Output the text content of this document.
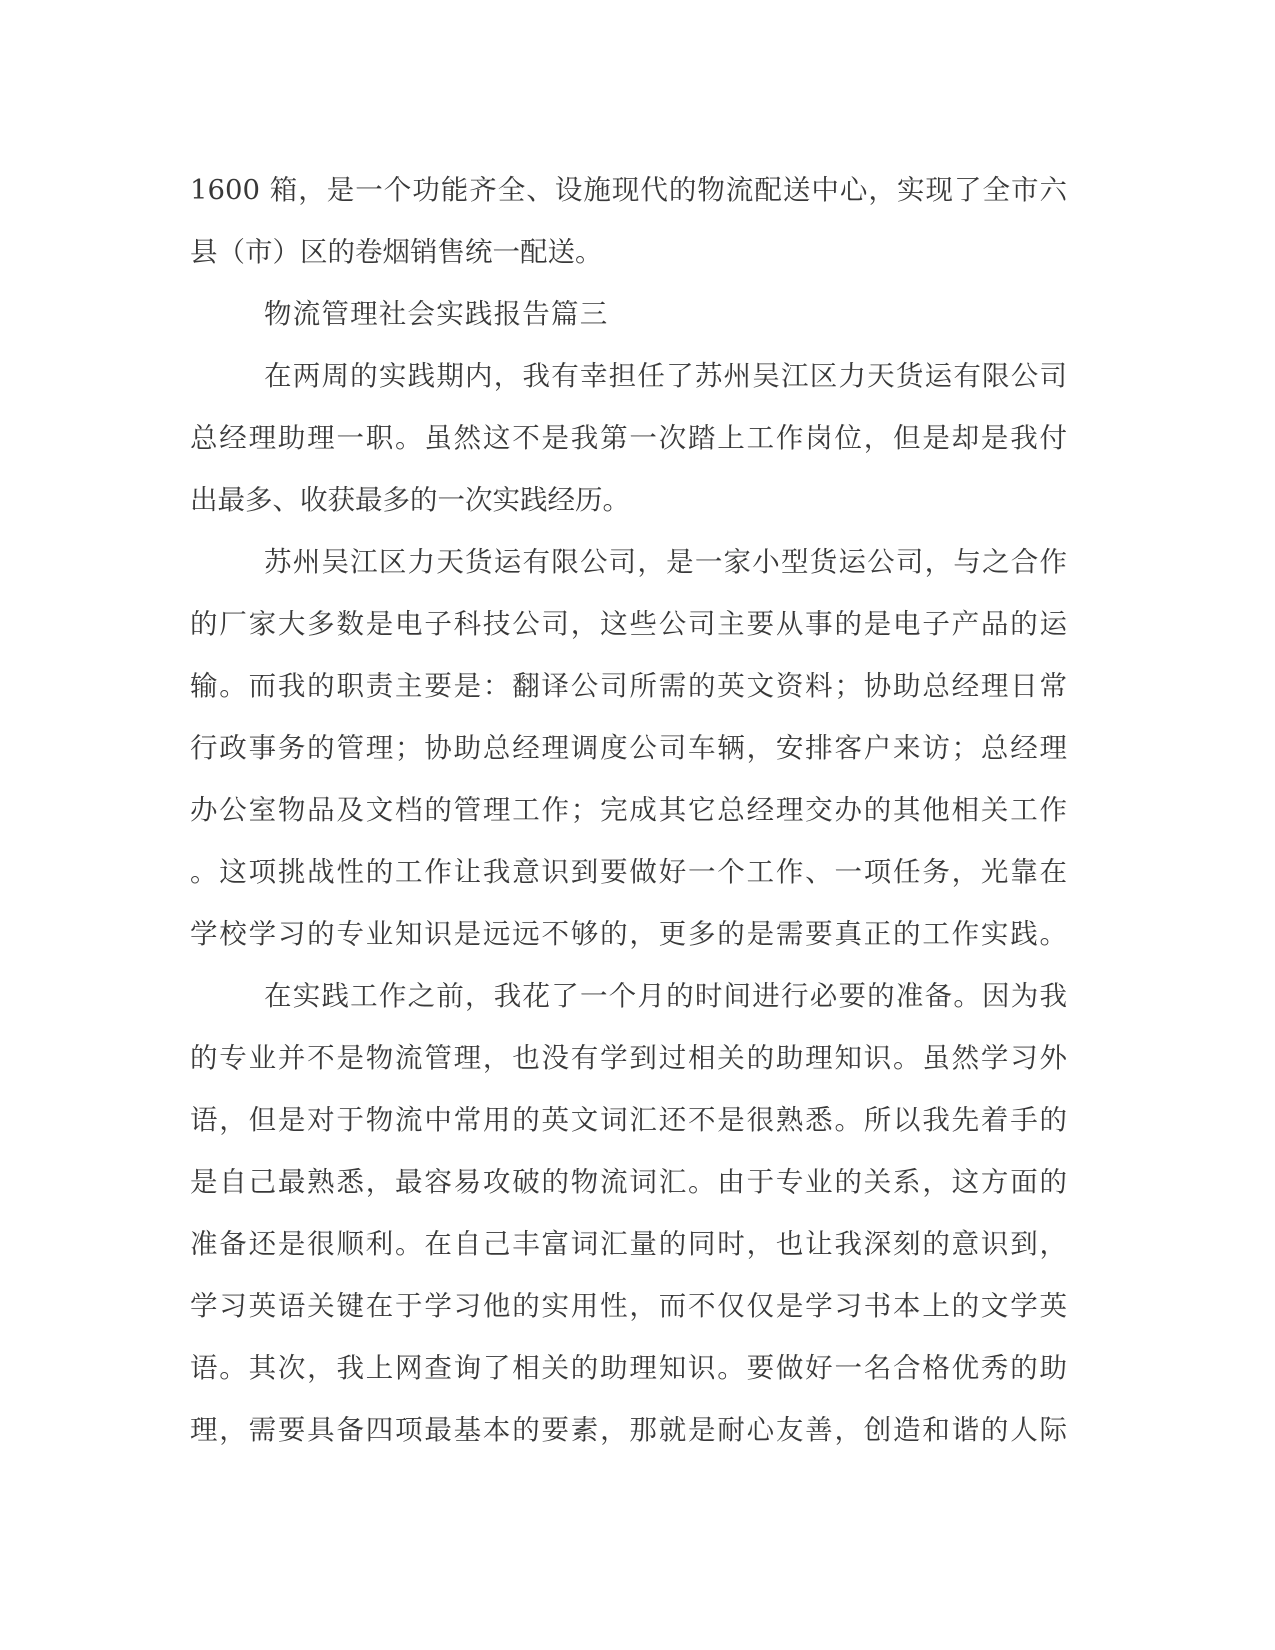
1600 箱，是一个功能齐全、设施现代的物流配送中心，实现了全市六
县（市）区的卷烟销售统一配送。
物流管理社会实践报告篇三
在两周的实践期内，我有幸担任了苏州吴江区力天货运有限公司
总经理助理一职。虽然这不是我第一次踏上工作岗位，但是却是我付
出最多、收获最多的一次实践经历。
苏州吴江区力天货运有限公司，是一家小型货运公司，与之合作
的厂家大多数是电子科技公司，这些公司主要从事的是电子产品的运
输。而我的职责主要是：翻译公司所需的英文资料；协助总经理日常
行政事务的管理；协助总经理调度公司车辆，安排客户来访；总经理
办公室物品及文档的管理工作；完成其它总经理交办的其他相关工作
。这项挑战性的工作让我意识到要做好一个工作、一项任务，光靠在
学校学习的专业知识是远远不够的，更多的是需要真正的工作实践。
在实践工作之前，我花了一个月的时间进行必要的准备。因为我
的专业并不是物流管理，也没有学到过相关的助理知识。虽然学习外
语，但是对于物流中常用的英文词汇还不是很熟悉。所以我先着手的
是自己最熟悉，最容易攻破的物流词汇。由于专业的关系，这方面的
准备还是很顺利。在自己丰富词汇量的同时，也让我深刻的意识到，
学习英语关键在于学习他的实用性，而不仅仅是学习书本上的文学英
语。其次，我上网查询了相关的助理知识。要做好一名合格优秀的助
理，需要具备四项最基本的要素，那就是耐心友善，创造和谐的人际
